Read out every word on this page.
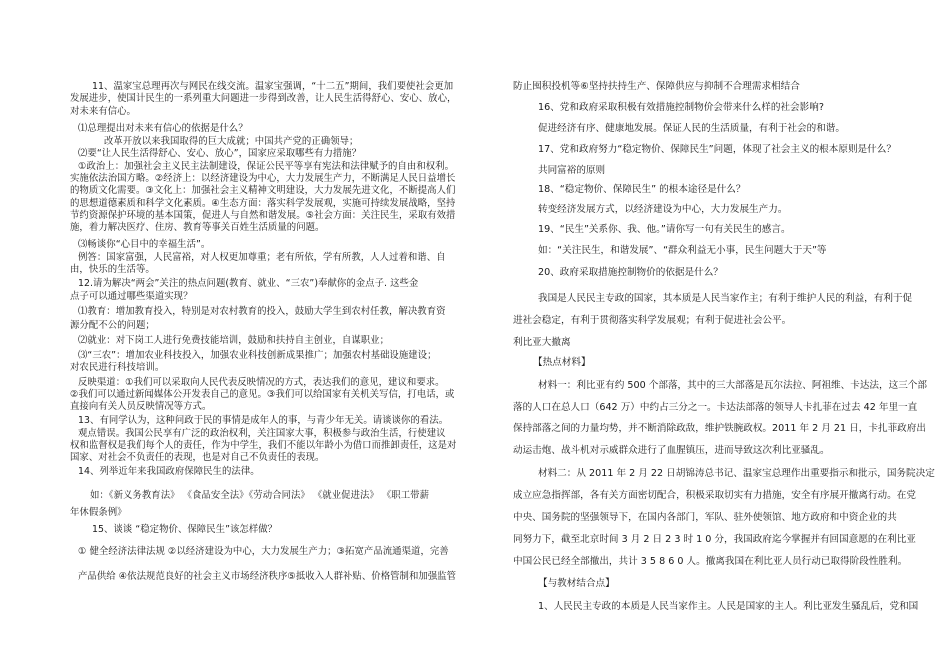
11、温家宝总理再次与网民在线交流。温家宝强调，“十二五”期间，我们要使社会更加
发展进步，使国计民生的一系列重大问题进一步得到改善，让人民生活得舒心、安心、放心，
对未来有信心。
⑴总理提出对未来有信心的依据是什么？
改革开放以来我国取得的巨大成就；中国共产党的正确领导；
⑵要“让人民生活得舒心、安心、放心”，国家应采取哪些有力措施？
①政治上：加强社会主义民主法制建设，保证公民平等享有宪法和法律赋予的自由和权利。
实施依法治国方略。②经济上：以经济建设为中心，大力发展生产力，不断满足人民日益增长
的物质文化需要。③文化上：加强社会主义精神文明建设，大力发展先进文化，不断提高人们
的思想道德素质和科学文化素质。④生态方面：落实科学发展观，实施可持续发展战略，坚持
节约资源保护环境的基本国策，促进人与自然和谐发展。⑤社会方面：关注民生，采取有效措
施，着力解决医疗、住房、教育等事关百姓生活质量的问题。
⑶畅谈你“心目中的幸福生活”。
例答：国家富强，人民富裕，对人权更加尊重；老有所依，学有所教，人人过着和谐、自
由，快乐的生活等。
12.请为解决“两会”关注的热点问题(教育、就业、“三农”)奉献你的金点子. 这些金
点子可以通过哪些渠道实现？
⑴教育：增加教育投入，特别是对农村教育的投入，鼓励大学生到农村任教，解决教育资
源分配不公的问题；
⑵就业：对下岗工人进行免费技能培训，鼓励和扶持自主创业，自谋职业；
⑶“三农”：增加农业科技投入，加强农业科技创新成果推广；加强农村基础设施建设；
对农民进行科技培训。
反映渠道：①我们可以采取向人民代表反映情况的方式，表达我们的意见，建议和要求。
②我们可以通过新闻媒体公开发表自己的意见。③我们可以给国家有关机关写信，打电话，或
直接向有关人员反映情况等方式。
13、有同学认为，这种问政于民的事情是成年人的事，与青少年无关。请谈谈你的看法。
观点错误。我国公民享有广泛的政治权利，关注国家大事，积极参与政治生活，行使建议
权和监督权是我们每个人的责任，作为中学生，我们不能以年龄小为借口而推卸责任，这是对
国家、对社会不负责任的表现，也是对自己不负责任的表现。
14、列举近年来我国政府保障民生的法律。
如：《新义务教育法》 《食品安全法》《劳动合同法》 《就业促进法》 《职工带薪
年休假条例》
15、谈谈 “稳定物价、保障民生”该怎样做？
① 健全经济法律法规 ②以经济建设为中心，大力发展生产力；③拓宽产品流通渠道，完善
产品供给 ④依法规范良好的社会主义市场经济秩序⑤抵收入人群补贴、价格管制和加强监管
防止囤积投机等⑥坚持扶持生产、保障供应与抑制不合理需求相结合
16、党和政府采取积极有效措施控制物价会带来什么样的社会影响?
促进经济有序、健康地发展。保证人民的生活质量，有利于社会的和谐。
17、党和政府努力“稳定物价、保障民生”问题，体现了社会主义的根本原则是什么？
共同富裕的原则
18、“稳定物价、保障民生” 的根本途径是什么？
转变经济发展方式，以经济建设为中心，大力发展生产力。
19、“民生”关系你、我、他。”请你写一句有关民生的感言。
如：“关注民生，和谐发展”、“群众利益无小事，民生问题大于天”等
20、政府采取措施控制物价的依据是什么？
我国是人民民主专政的国家，其本质是人民当家作主；有利于维护人民的利益，有利于促
进社会稳定，有利于贯彻落实科学发展观；有利于促进社会公平。
利比亚大撤离
【热点材料】
材料一：利比亚有约 500 个部落，其中的三大部落是瓦尔法拉、阿祖维、卡达法，这三个部
落的人口在总人口（642 万）中约占三分之一。卡达法部落的领导人卡扎菲在过去 42 年里一直
保持部落之间的力量均势，并不断消除政敌，维护铁腕政权。2011 年 2 月 21 日，卡扎菲政府出
动运击炮、战斗机对示威群众进行了血腥镇压，进而导致这次利比亚骚乱。
材料二：从 2011 年 2 月 22 日胡锦涛总书记、温家宝总理作出重要指示和批示，国务院决定
成立应急指挥部，各有关方面密切配合，积极采取切实有力措施，安全有序展开撤离行动。在党
中央、国务院的坚强领导下，在国内各部门，军队、驻外使领馆、地方政府和中资企业的共
同努力下，截至北京时间 3 月 2 日 2 3 时 1 0 分，我国政府迄今掌握并有回国意愿的在利比亚
中国公民已经全部撤出，共计 3 5 8 6 0 人。撤离我国在利比亚人员行动已取得阶段性胜利。
【与教材结合点】
1、人民民主专政的本质是人民当家作主。人民是国家的主人。利比亚发生骚乱后，党和国
